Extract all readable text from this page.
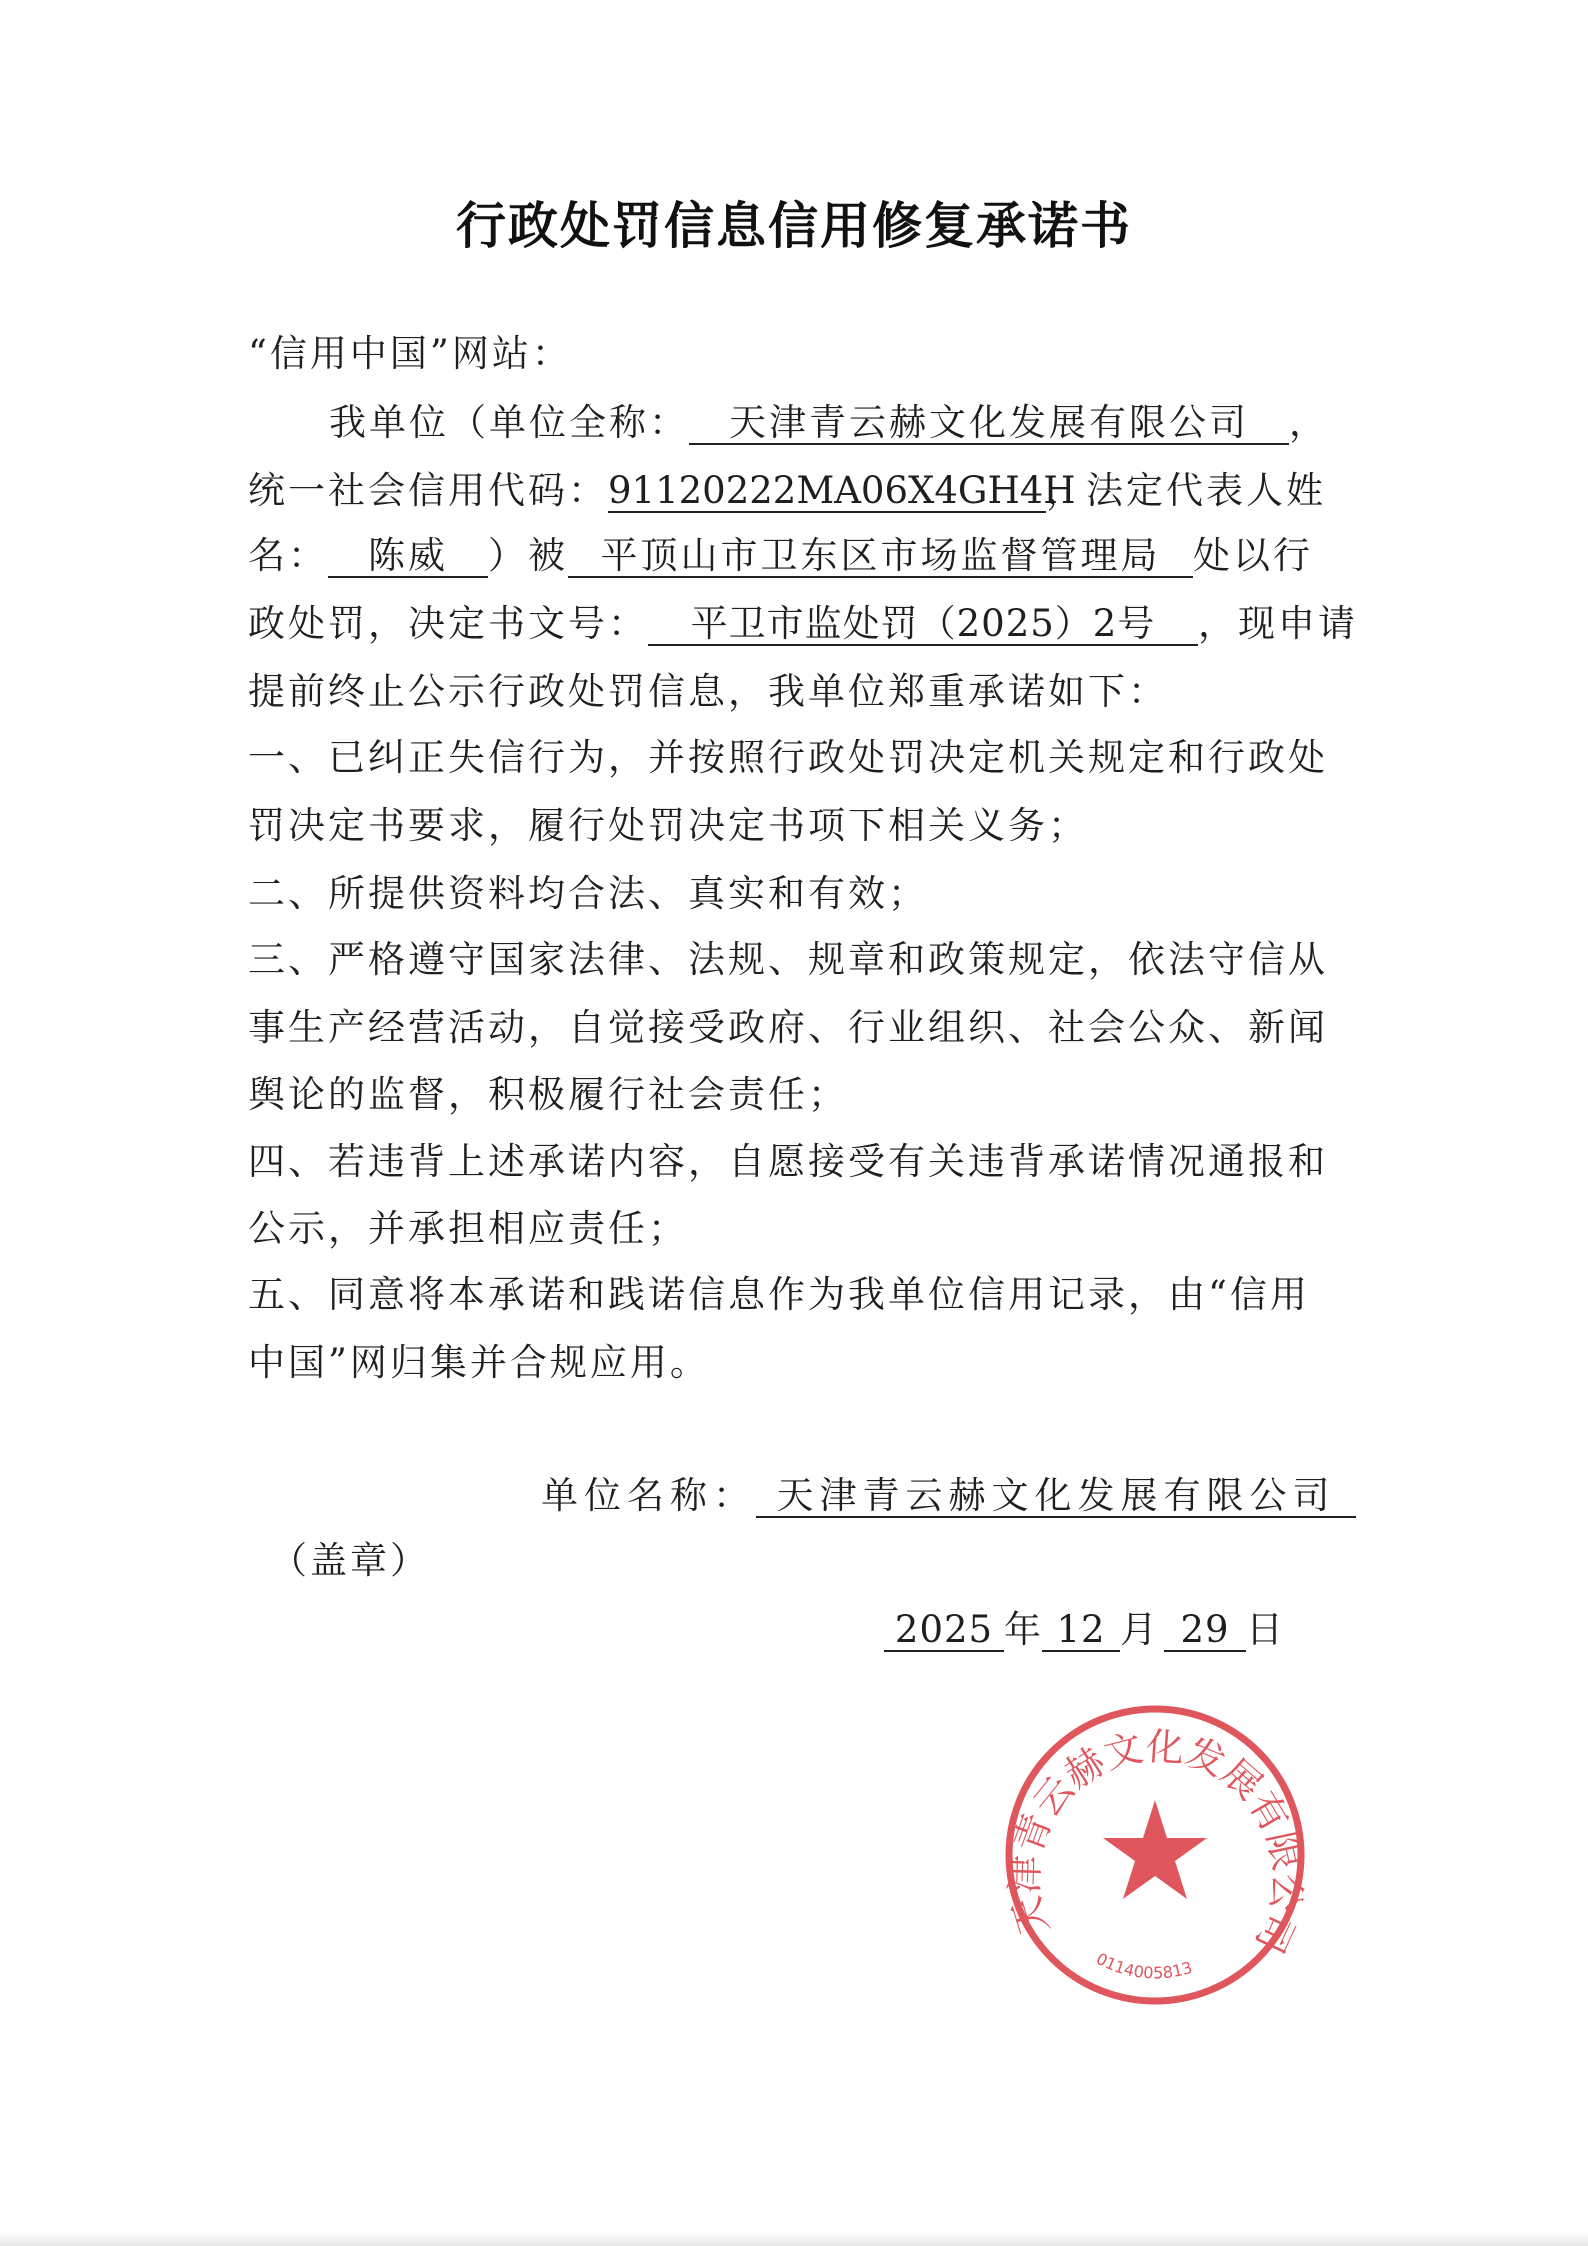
行政处罚信息信用修复承诺书
“信用中国”网站：
我单位（单位全称： 天津青云赫文化发展有限公司 ，
统一社会信用代码：91120222MA06X4GH4H，法定代表人姓
名： 陈威 ）被 平顶山市卫东区市场监督管理局 处以行
政处罚，决定书文号： 平卫市监处罚（2025）2号 ，现申请
提前终止公示行政处罚信息，我单位郑重承诺如下：
一、已纠正失信行为，并按照行政处罚决定机关规定和行政处
罚决定书要求，履行处罚决定书项下相关义务；
二、所提供资料均合法、真实和有效；
三、严格遵守国家法律、法规、规章和政策规定，依法守信从
事生产经营活动，自觉接受政府、行业组织、社会公众、新闻
舆论的监督，积极履行社会责任；
四、若违背上述承诺内容，自愿接受有关违背承诺情况通报和
公示，并承担相应责任；
五、同意将本承诺和践诺信息作为我单位信用记录，由“信用
中国”网归集并合规应用。
单位名称： 天津青云赫文化发展有限公司
（盖章）
2025 年 12 月 29 日
天津青云赫文化发展有限公司
0114005813
